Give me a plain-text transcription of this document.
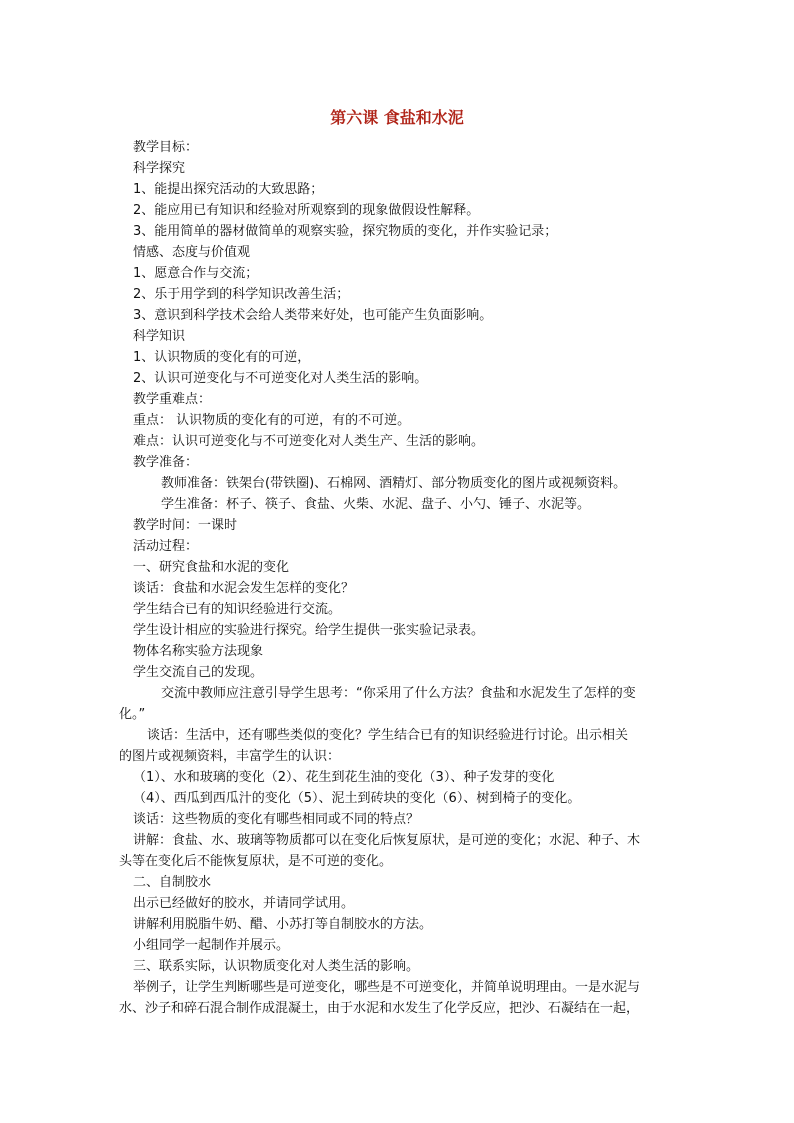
第六课 食盐和水泥
教学目标：
科学探究
1、能提出探究活动的大致思路；
2、能应用已有知识和经验对所观察到的现象做假设性解释。
3、能用简单的器材做简单的观察实验，探究物质的变化，并作实验记录；
情感、态度与价值观
1、愿意合作与交流；
2、乐于用学到的科学知识改善生活；
3、意识到科学技术会给人类带来好处，也可能产生负面影响。
科学知识
1、认识物质的变化有的可逆，
2、认识可逆变化与不可逆变化对人类生活的影响。
教学重难点：
重点： 认识物质的变化有的可逆，有的不可逆。
难点：认识可逆变化与不可逆变化对人类生产、生活的影响。
教学准备：
教师准备：铁架台(带铁圈)、石棉网、酒精灯、部分物质变化的图片或视频资料。
学生准备：杯子、筷子、食盐、火柴、水泥、盘子、小勺、锤子、水泥等。
教学时间：一课时
活动过程：
一、研究食盐和水泥的变化
谈话：食盐和水泥会发生怎样的变化？
学生结合已有的知识经验进行交流。
学生设计相应的实验进行探究。给学生提供一张实验记录表。
物体名称实验方法现象
学生交流自己的发现。
交流中教师应注意引导学生思考：“你采用了什么方法？食盐和水泥发生了怎样的变
化。”
谈话：生活中，还有哪些类似的变化？学生结合已有的知识经验进行讨论。出示相关
的图片或视频资料，丰富学生的认识：
（1）、水和玻璃的变化（2）、花生到花生油的变化（3）、种子发芽的变化
（4）、西瓜到西瓜汁的变化（5）、泥土到砖块的变化（6）、树到椅子的变化。
谈话：这些物质的变化有哪些相同或不同的特点？
讲解：食盐、水、玻璃等物质都可以在变化后恢复原状，是可逆的变化；水泥、种子、木
头等在变化后不能恢复原状，是不可逆的变化。
二、自制胶水
出示已经做好的胶水，并请同学试用。
讲解利用脱脂牛奶、醋、小苏打等自制胶水的方法。
小组同学一起制作并展示。
三、联系实际，认识物质变化对人类生活的影响。
举例子，让学生判断哪些是可逆变化，哪些是不可逆变化，并简单说明理由。一是水泥与
水、沙子和碎石混合制作成混凝土，由于水泥和水发生了化学反应，把沙、石凝结在一起，
